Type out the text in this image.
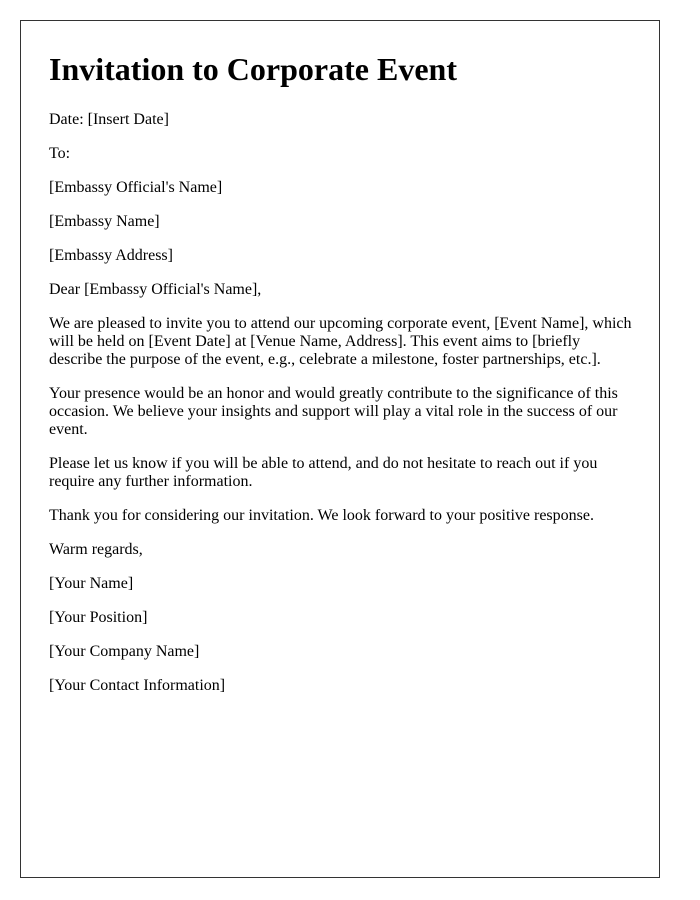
Invitation to Corporate Event

Date: [Insert Date]

To:

[Embassy Official's Name]

[Embassy Name]

[Embassy Address]

Dear [Embassy Official's Name],

We are pleased to invite you to attend our upcoming corporate event, [Event Name], which will be held on [Event Date] at [Venue Name, Address]. This event aims to [briefly describe the purpose of the event, e.g., celebrate a milestone, foster partnerships, etc.].

Your presence would be an honor and would greatly contribute to the significance of this occasion. We believe your insights and support will play a vital role in the success of our event.

Please let us know if you will be able to attend, and do not hesitate to reach out if you require any further information.

Thank you for considering our invitation. We look forward to your positive response.

Warm regards,

[Your Name]

[Your Position]

[Your Company Name]

[Your Contact Information]
